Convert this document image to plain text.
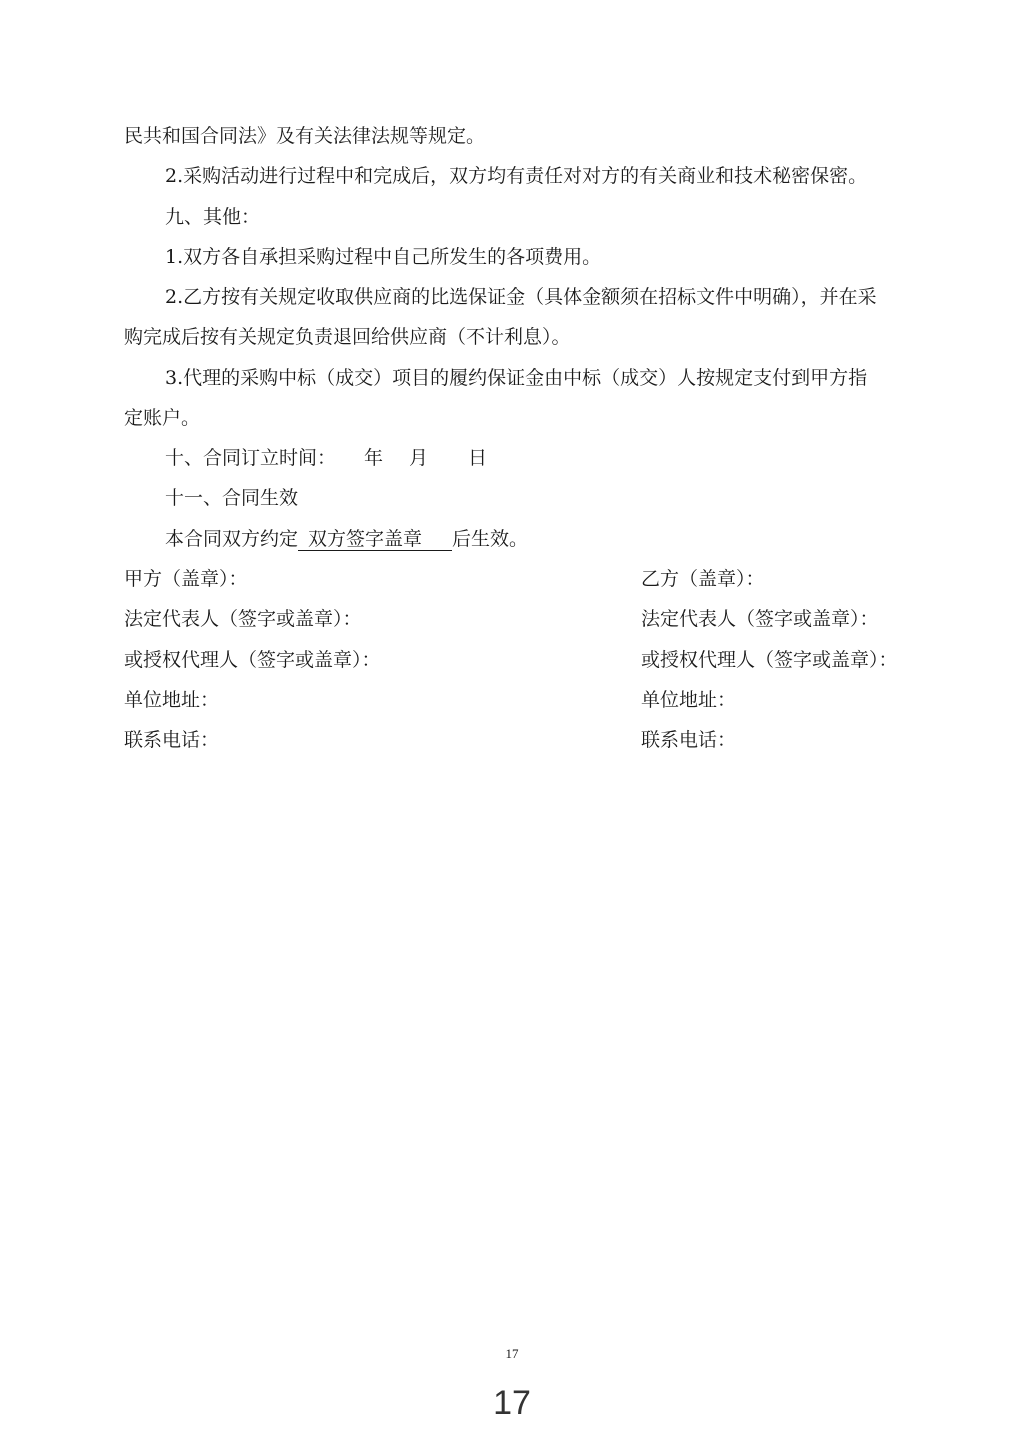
民共和国合同法》及有关法律法规等规定。
2.采购活动进行过程中和完成后，双方均有责任对对方的有关商业和技术秘密保密。
九、其他：
1.双方各自承担采购过程中自己所发生的各项费用。
2.乙方按有关规定收取供应商的比选保证金（具体金额须在招标文件中明确），并在采
购完成后按有关规定负责退回给供应商（不计利息）。
3.代理的采购中标（成交）项目的履约保证金由中标（成交）人按规定支付到甲方指
定账户。
十、合同订立时间： 年 月 日
十一、合同生效
本合同双方约定 双方签字盖章 后生效。
甲方（盖章）：
法定代表人（签字或盖章）：
或授权代理人（签字或盖章）：
单位地址：
联系电话：
乙方（盖章）：
法定代表人（签字或盖章）：
或授权代理人（签字或盖章）：
单位地址：
联系电话：
17
17
